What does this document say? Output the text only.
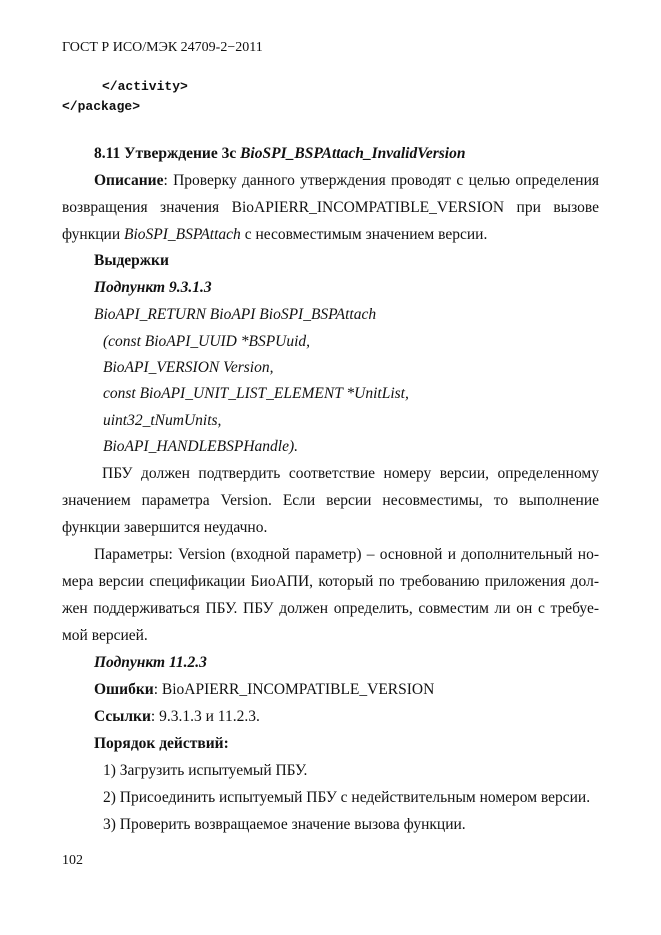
ГОСТ Р ИСО/МЭК 24709-2−2011
</activity>
</package>
8.11 Утверждение 3с BioSPI_BSPAttach_InvalidVersion
Описание: Проверку данного утверждения проводят с целью определения
возвращения значения BioAPIERR_INCOMPATIBLE_VERSION при вызове
функции BioSPI_BSPAttach с несовместимым значением версии.
Выдержки
Подпункт 9.3.1.3
BioAPI_RETURN BioAPI BioSPI_BSPAttach
(const BioAPI_UUID *BSPUuid,
BioAPI_VERSION Version,
const BioAPI_UNIT_LIST_ELEMENT *UnitList,
uint32_tNumUnits,
BioAPI_HANDLEBSPHandle).
ПБУ должен подтвердить соответствие номеру версии, определенному
значением параметра Version. Если версии несовместимы, то выполнение
функции завершится неудачно.
Параметры: Version (входной параметр) – основной и дополнительный но-
мера версии спецификации БиоАПИ, который по требованию приложения дол-
жен поддерживаться ПБУ. ПБУ должен определить, совместим ли он с требуе-
мой версией.
Подпункт 11.2.3
Ошибки: BioAPIERR_INCOMPATIBLE_VERSION
Ссылки: 9.3.1.3 и 11.2.3.
Порядок действий:
1) Загрузить испытуемый ПБУ.
2) Присоединить испытуемый ПБУ с недействительным номером версии.
3) Проверить возвращаемое значение вызова функции.
102
